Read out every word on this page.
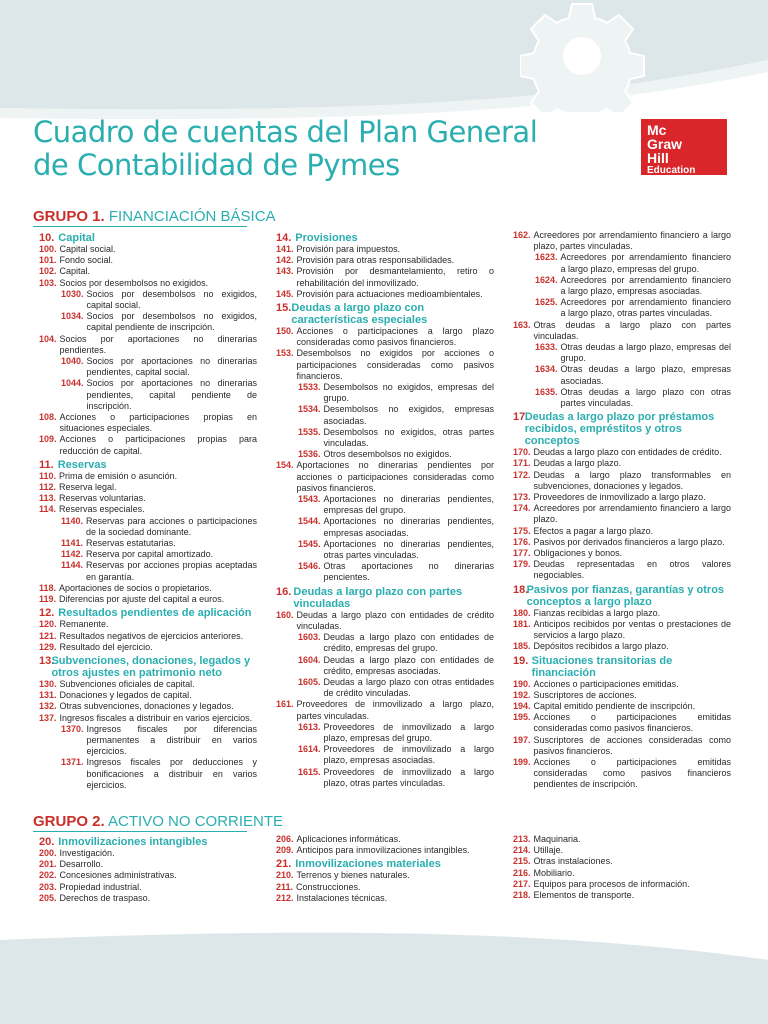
Cuadro de cuentas del Plan General
de Contabilidad de Pymes
Mc
Graw
Hill
Education
GRUPO 1. FINANCIACIÓN BÁSICA
GRUPO 2. ACTIVO NO CORRIENTE
10. Capital
100. Capital social.
101. Fondo social.
102. Capital.
103. Socios por desembolsos no exigidos.
1030. Socios por desembolsos no exigidos, capital social.
1034. Socios por desembolsos no exigidos, capital pendiente de inscripción.
104. Socios por aportaciones no dinerarias pendientes.
1040. Socios por aportaciones no dinerarias pendientes, capital social.
1044. Socios por aportaciones no dinerarias pendientes, capital pendiente de inscripción.
108. Acciones o participaciones propias en situaciones especiales.
109. Acciones o participaciones propias para reducción de capital.
11. Reservas
110. Prima de emisión o asunción.
112. Reserva legal.
113. Reservas voluntarias.
114. Reservas especiales.
1140. Reservas para acciones o participaciones de la sociedad dominante.
1141. Reservas estatutarias.
1142. Reserva por capital amortizado.
1144. Reservas por acciones propias aceptadas en garantía.
118. Aportaciones de socios o propietarios.
119. Diferencias por ajuste del capital a euros.
12. Resultados pendientes de aplicación
120. Remanente.
121. Resultados negativos de ejercicios anteriores.
129. Resultado del ejercicio.
13.
Subvenciones, donaciones, legados y otros ajustes en patrimonio neto
130. Subvenciones oficiales de capital.
131. Donaciones y legados de capital.
132. Otras subvenciones, donaciones y legados.
137. Ingresos fiscales a distribuir en varios ejercicios.
1370. Ingresos fiscales por diferencias permanentes a distribuir en varios ejercicios.
1371. Ingresos fiscales por deducciones y bonificaciones a distribuir en varios ejercicios.
14. Provisiones
141. Provisión para impuestos.
142. Provisión para otras responsabilidades.
143. Provisión por desmantelamiento, retiro o rehabilitación del inmovilizado.
145. Provisión para actuaciones medioambientales.
15. Deudas a largo plazo con características especiales
150. Acciones o participaciones a largo plazo consideradas como pasivos financieros.
153. Desembolsos no exigidos por acciones o participaciones consideradas como pasivos financieros.
1533. Desembolsos no exigidos, empresas del grupo.
1534. Desembolsos no exigidos, empresas asociadas.
1535. Desembolsos no exigidos, otras partes vinculadas.
1536. Otros desembolsos no exigidos.
154. Aportaciones no dinerarias pendientes por acciones o participaciones consideradas como pasivos financieros.
1543. Aportaciones no dinerarias pendientes, empresas del grupo.
1544. Aportaciones no dinerarias pendientes, empresas asociadas.
1545. Aportaciones no dinerarias pendientes, otras partes vinculadas.
1546. Otras aportaciones no dinerarias pencientes.
16. Deudas a largo plazo con partes vinculadas
160. Deudas a largo plazo con entidades de crédito vinculadas.
1603. Deudas a largo plazo con entidades de crédito, empresas del grupo.
1604. Deudas a largo plazo con entidades de crédito, empresas asociadas.
1605. Deudas a largo plazo con otras entidades de crédito vinculadas.
161. Proveedores de inmovilizado a largo plazo, partes vinculadas.
1613. Proveedores de inmovilizado a largo plazo, empresas del grupo.
1614. Proveedores de inmovilizado a largo plazo, empresas asociadas.
1615. Proveedores de inmovilizado a largo plazo, otras partes vinculadas.
162. Acreedores por arrendamiento financiero a largo plazo, partes vinculadas.
1623. Acreedores por arrendamiento financiero a largo plazo, empresas del grupo.
1624. Acreedores por arrendamiento financiero a largo plazo, empresas asociadas.
1625. Acreedores por arrendamiento financiero a largo plazo, otras partes vinculadas.
163. Otras deudas a largo plazo con partes vinculadas.
1633. Otras deudas a largo plazo, empresas del grupo.
1634. Otras deudas a largo plazo, empresas asociadas.
1635. Otras deudas a largo plazo con otras partes vinculadas.
17.
Deudas a largo plazo por préstamos recibidos, empréstitos y otros conceptos
170. Deudas a largo plazo con entidades de crédito.
171. Deudas a largo plazo.
172. Deudas a largo plazo transformables en subvenciones, donaciones y legados.
173. Proveedores de inmovilizado a largo plazo.
174. Acreedores por arrendamiento financiero a largo plazo.
175. Efectos a pagar a largo plazo.
176. Pasivos por derivados financieros a largo plazo.
177. Obligaciones y bonos.
179. Deudas representadas en otros valores negociables.
18.
Pasivos por fianzas, garantías y otros conceptos a largo plazo
180. Fianzas recibidas a largo plazo.
181. Anticipos recibidos por ventas o prestaciones de servicios a largo plazo.
185. Depósitos recibidos a largo plazo.
19. Situaciones transitorias de financiación
190. Acciones o participaciones emitidas.
192. Suscriptores de acciones.
194. Capital emitido pendiente de inscripción.
195. Acciones o participaciones emitidas consideradas como pasivos financieros.
197. Suscriptores de acciones consideradas como pasivos financieros.
199. Acciones o participaciones emitidas consideradas como pasivos financieros pendientes de inscripción.
20. Inmovilizaciones intangibles
200. Investigación.
201. Desarrollo.
202. Concesiones administrativas.
203. Propiedad industrial.
205. Derechos de traspaso.
206. Aplicaciones informáticas.
209. Anticipos para inmovilizaciones intangibles.
21. Inmovilizaciones materiales
210. Terrenos y bienes naturales.
211. Construcciones.
212. Instalaciones técnicas.
213. Maquinaria.
214. Utillaje.
215. Otras instalaciones.
216. Mobiliario.
217. Equipos para procesos de información.
218. Elementos de transporte.
